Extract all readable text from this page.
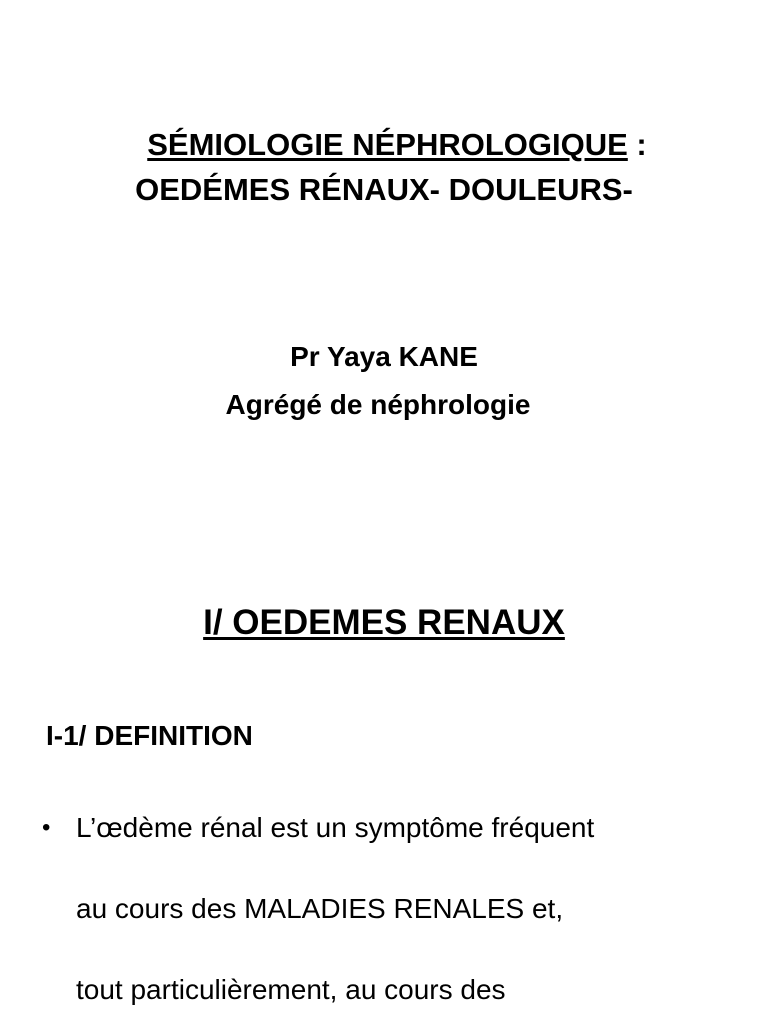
SÉMIOLOGIE NÉPHROLOGIQUE :
OEDÉMES RÉNAUX- DOULEURS-
Pr Yaya KANE
Agrégé de néphrologie
I/ OEDEMES RENAUX
I-1/ DEFINITION
• L’œdème rénal est un symptôme fréquent
au cours des MALADIES RENALES et,
tout particulièrement, au cours des
